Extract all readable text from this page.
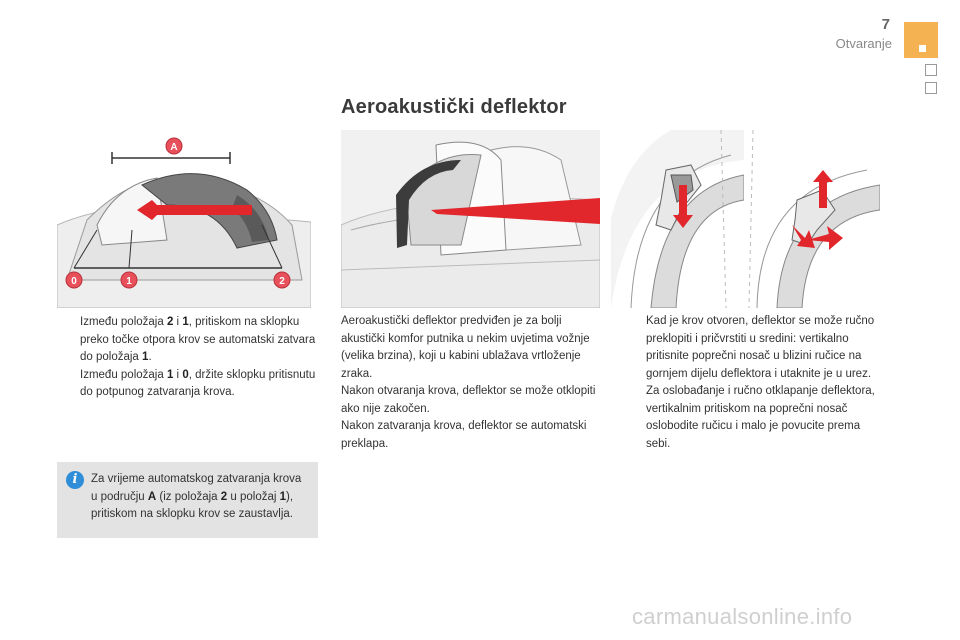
7
Otvaranje
Aeroakustički deflektor
A
0	1	2
Između položaja 2 i 1, pritiskom na sklopku preko točke otpora krov se automatski zatvara do položaja 1.
Između položaja 1 i 0, držite sklopku pritisnutu do potpunog zatvaranja krova.
i	Za vrijeme automatskog zatvaranja krova u području A (iz položaja 2 u položaj 1), pritiskom na sklopku krov se zaustavlja.

Aeroakustički deflektor predviđen je za bolji akustički komfor putnika u nekim uvjetima vožnje (velika brzina), koji u kabini ublažava vrtloženje zraka.

Nakon otvaranja krova, deflektor se može otklopiti ako nije zakočen.

Nakon zatvaranja krova, deflektor se automatski preklapa.

Kad je krov otvoren, deflektor se može ručno preklopiti i pričvrstiti u sredini: vertikalno pritisnite poprečni nosač u blizini ručice na gornjem dijelu deflektora i utaknite je u urez.
Za oslobađanje i ručno otklapanje deflektora, vertikalnim pritiskom na poprečni nosač oslobodite ručicu i malo je povucite prema sebi.
carmanualsonline.info
